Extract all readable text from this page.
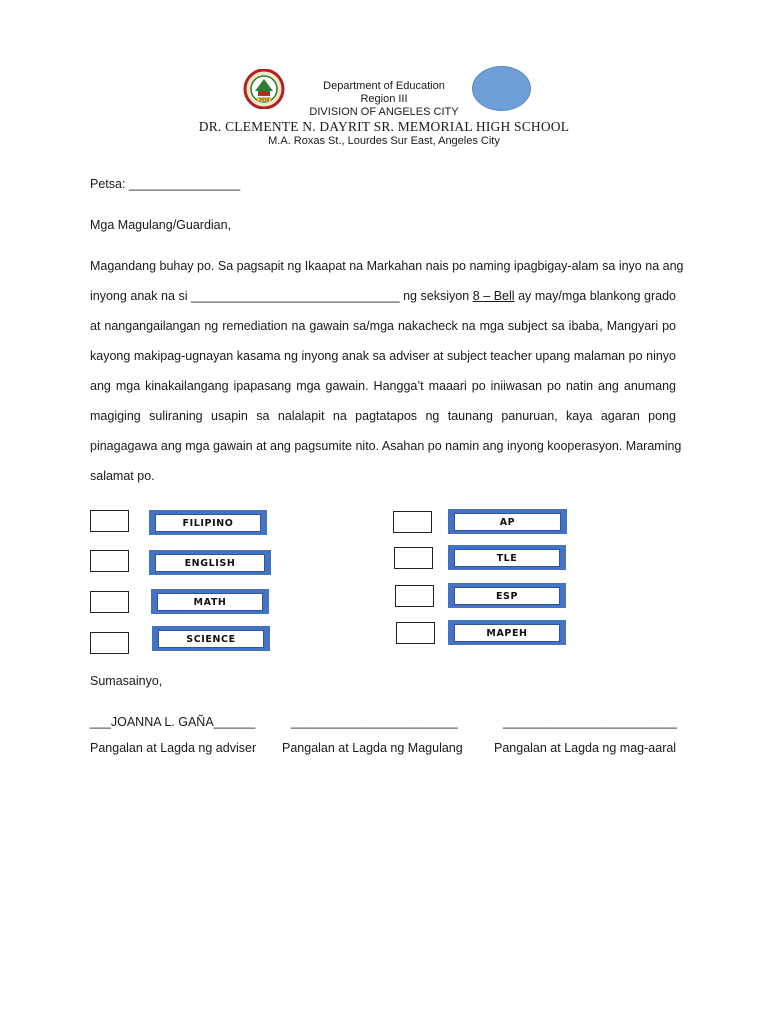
2018
Department of Education
Region III
DIVISION OF ANGELES CITY
DR. CLEMENTE N. DAYRIT SR. MEMORIAL HIGH SCHOOL
M.A. Roxas St., Lourdes Sur East, Angeles City
Petsa: ________________
Mga Magulang/Guardian,
Magandang buhay po. Sa pagsapit ng Ikaapat na Markahan nais po naming ipagbigay-alam sa inyo na ang
inyong anak na si ______________________________ ng seksiyon 8 – Bell ay may/mga blankong grado
at nangangailangan ng remediation na gawain sa/mga nakacheck na mga subject sa ibaba, Mangyari po
kayong makipag-ugnayan kasama ng inyong anak sa adviser at subject teacher upang malaman po ninyo
ang mga kinakailangang ipapasang mga gawain. Hangga’t maaari po iniiwasan po natin ang anumang
magiging suliraning usapin sa nalalapit na pagtatapos ng taunang panuruan, kaya agaran pong
pinagagawa ang mga gawain at ang pagsumite nito. Asahan po namin ang inyong kooperasyon. Maraming
salamat po.
FILIPINO
ENGLISH
MATH
SCIENCE
AP
TLE
ESP
MAPEH
Sumasainyo,
___JOANNA L. GAÑA______	________________________	_________________________
Pangalan at Lagda ng adviser Pangalan at Lagda ng Magulang	Pangalan at Lagda ng mag-aaral
